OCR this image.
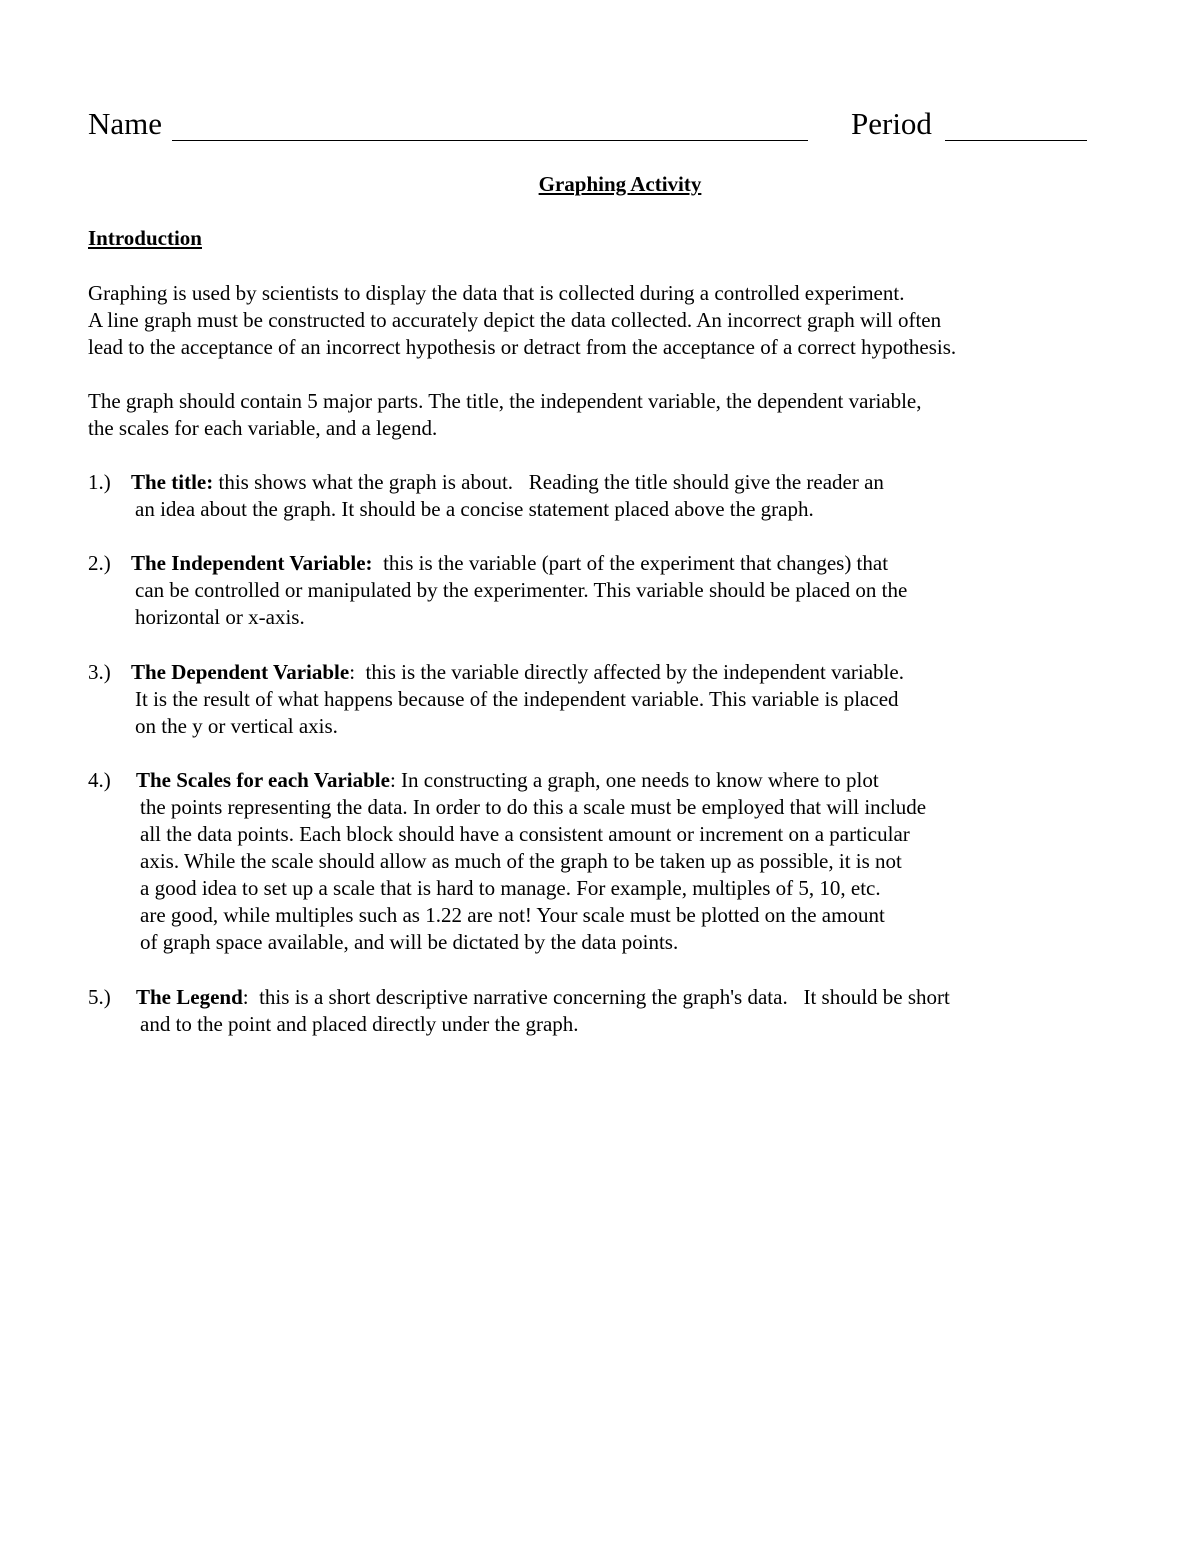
Name	Period
Graphing Activity
Introduction
Graphing is used by scientists to display the data that is collected during a controlled experiment.
A line graph must be constructed to accurately depict the data collected. An incorrect graph will often
lead to the acceptance of an incorrect hypothesis or detract from the acceptance of a correct hypothesis.
The graph should contain 5 major parts. The title, the independent variable, the dependent variable,
the scales for each variable, and a legend.
1.) The title: this shows what the graph is about.   Reading the title should give the reader an
an idea about the graph. It should be a concise statement placed above the graph.
2.) The Independent Variable:  this is the variable (part of the experiment that changes) that
can be controlled or manipulated by the experimenter. This variable should be placed on the
horizontal or x-axis.
3.) The Dependent Variable:  this is the variable directly affected by the independent variable.
It is the result of what happens because of the independent variable. This variable is placed
on the y or vertical axis.
4.) The Scales for each Variable: In constructing a graph, one needs to know where to plot
the points representing the data. In order to do this a scale must be employed that will include
all the data points. Each block should have a consistent amount or increment on a particular
axis. While the scale should allow as much of the graph to be taken up as possible, it is not
a good idea to set up a scale that is hard to manage. For example, multiples of 5, 10, etc.
are good, while multiples such as 1.22 are not! Your scale must be plotted on the amount
of graph space available, and will be dictated by the data points.
5.) The Legend:  this is a short descriptive narrative concerning the graph's data.   It should be short
and to the point and placed directly under the graph.
